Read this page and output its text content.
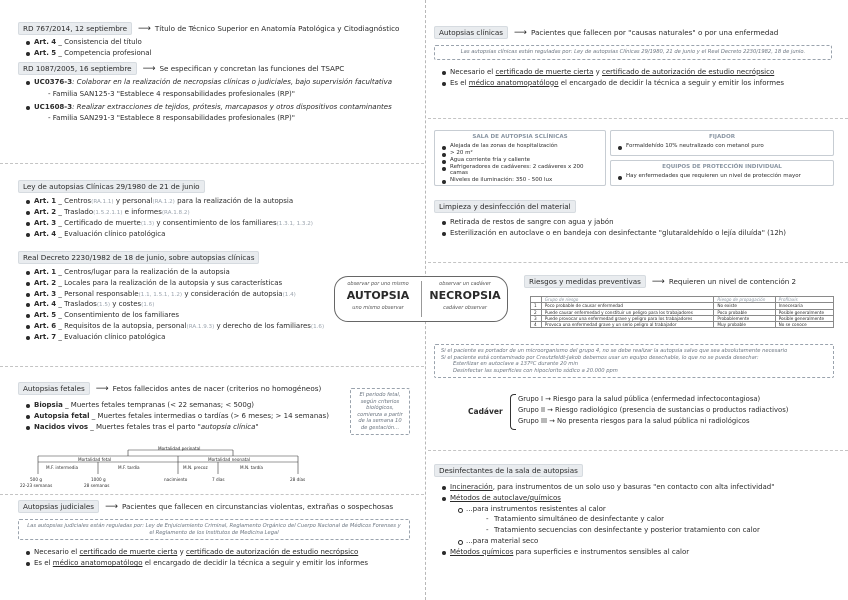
RD 767/2014, 12 septiembre ⟶ Título de Técnico Superior en Anatomía Patológica y Citodiagnóstico
Art. 4 _ Consistencia del título
Art. 5 _ Competencia profesional
RD 1087/2005, 16 septiembre ⟶ Se especifican y concretan las funciones del TSAPC
UC0376-3: Colaborar en la realización de necropsias clínicas o judiciales, bajo supervisión facultativa
- Familia SAN125-3 "Establece 4 responsabilidades profesionales (RP)"
UC1608-3: Realizar extracciones de tejidos, prótesis, marcapasos y otros dispositivos contaminantes
- Familia SAN291-3 "Establece 8 responsabilidades profesionales (RP)"
Ley de autopsias Clínicas 29/1980 de 21 de junio
Art. 1 _ Centros(RA.1.1) y personal(RA.1.2) para la realización de la autopsia
Art. 2 _ Traslado(1.5.2.1.1) e informes(RA.1.8.2)
Art. 3 _ Certificado de muerte(1.3) y consentimiento de los familiares(1.3.1, 1.3.2)
Art. 4 _ Evaluación clínico patológica
Real Decreto 2230/1982 de 18 de junio, sobre autopsias clínicas
Art. 1 _ Centros/lugar para la realización de la autopsia
Art. 2 _ Locales para la realización de la autopsia y sus características
Art. 3 _ Personal responsable(1.1, 1.5.1, 1.2) y consideración de autopsia(1.4)
Art. 4 _ Traslados(1.5) y costes(1.6)
Art. 5 _ Consentimiento de los familiares
Art. 6 _ Requisitos de la autopsia, personal(RA.1.9.3) y derecho de los familiares(1.6)
Art. 7 _ Evaluación clínico patológica
Autopsias fetales ⟶ Fetos fallecidos antes de nacer (criterios no homogéneos)
Biopsia _ Muertes fetales tempranas (< 22 semanas; < 500g)
Autopsia fetal _ Muertes fetales intermedias o tardías (> 6 meses; > 14 semanas)
Nacidos vivos _ Muertes fetales tras el parto "autopsia clínica"
El periodo fetal, según criterios biológicos, comienza a partir de la semana 10 de gestación...
Mortalidad perinatal
Mortalidad fetal	Mortalidad neonatal
M.F. intermedia	M.F. tardía	M.N. precoz	M.N. tardía
500 g	1000 g	nacimiento	7 días	28 días
22-23 semanas	28 semanas
Autopsias judiciales ⟶ Pacientes que fallecen en circunstancias violentas, extrañas o sospechosas
Las autopsias judiciales están reguladas por: Ley de Enjuiciamiento Criminal, Reglamento Orgánico del Cuerpo Nacional de Médicos Forenses y el Reglamento de los Institutos de Medicina Legal
Necesario el certificado de muerte cierta y certificado de autorización de estudio necrópsico
Es el médico anatomopatólogo el encargado de decidir la técnica a seguir y emitir los informes
Autopsias clínicas ⟶ Pacientes que fallecen por "causas naturales" o por una enfermedad
Las autopsias clínicas están reguladas por: Ley de autopsias Clínicas 29/1980, 21 de junio y el Real Decreto 2230/1982, 18 de junio.
Necesario el certificado de muerte cierta y certificado de autorización de estudio necrópsico
Es el médico anatomopatólogo el encargado de decidir la técnica a seguir y emitir los informes
SALA DE AUTOPSIA SCLÍNICAS
Alejada de las zonas de hospitalización
> 20 m²
Agua corriente fría y caliente
Refrigeradores de cadáveres: 2 cadáveres x 200 camas
Niveles de iluminación: 350 - 500 lux
FIJADOR
Formaldehído 10% neutralizado con metanol puro
EQUIPOS DE PROTECCIÓN INDIVIDUAL
Hay enfermedades que requieren un nivel de protección mayor
Limpieza y desinfección del material
Retirada de restos de sangre con agua y jabón
Esterilización en autoclave o en bandeja con desinfectante "glutaraldehído o lejía diluída" (12h)
Riesgos y medidas preventivas ⟶ Requieren un nivel de contención 2
	Grupo de riesgo	Riesgo de propagación	Profilaxis
1	Poco probable de causar enfermedad	No existe	Innecesaria
2	Puede causar enfermedad y constituir un peligro para los trabajadores	Poco probable	Posible generalmente
3	Puede provocar una enfermedad grave y peligro para los trabajadores	Probablemente	Posible generalmente
4	Provoca una enfermedad grave y un serio peligro al trabajador	Muy probable	No se conoce
Si el paciente es portador de un microorganismo del grupo 4, no se debe realizar la autopsia salvo que sea absolutamente necesario
Si el paciente está contaminado por Creutzfeldt-Jakob debemos usar un equipo desechable, lo que no se pueda desechar:
Esterilizar en autoclave a 137ºC durante 20 min
Desinfectar las superficies con hipoclorito sódico a 20.000 ppm
Cadáver
Grupo I → Riesgo para la salud pública (enfermedad infectocontagiosa)
Grupo II → Riesgo radiológico (presencia de sustancias o productos radiactivos)
Grupo III → No presenta riesgos para la salud pública ni radiológicos
Desinfectantes de la sala de autopsias
Incineración, para instrumentos de un solo uso y basuras "en contacto con alta infectividad"
Métodos de autoclave/químicos
...para instrumentos resistentes al calor
- Tratamiento simultáneo de desinfectante y calor
- Tratamiento secuencias con desinfectante y posterior tratamiento con calor
...para material seco
Métodos químicos para superficies e instrumentos sensibles al calor
observar por uno mismo
AUTOPSIA
uno mismo observar
observar un cadáver
NECROPSIA
cadáver observar
